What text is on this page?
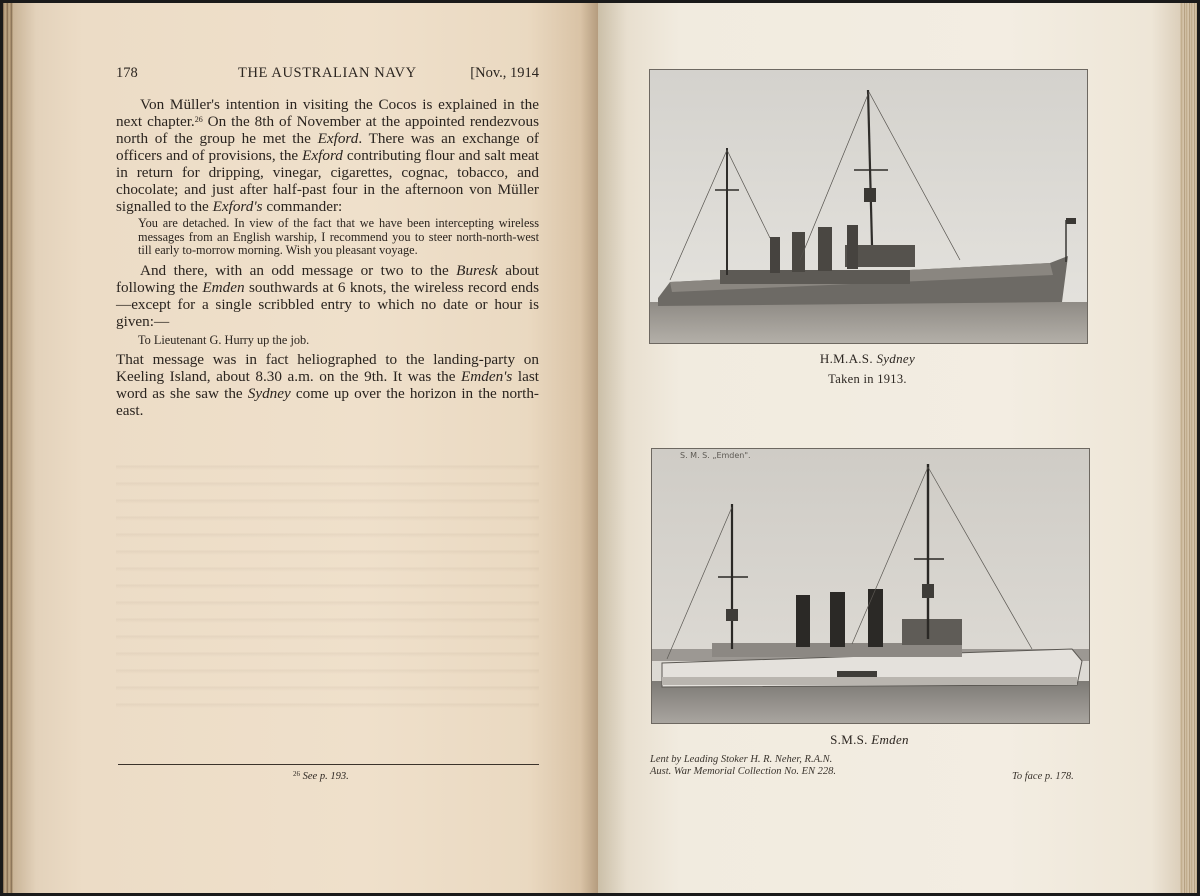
178	THE AUSTRALIAN NAVY	[Nov., 1914

Von Müller's intention in visiting the Cocos is explained in the next chapter.$^{26}$ On the 8th of November at the appointed rendezvous north of the group he met the Exford. There was an exchange of officers and of provisions, the Exford contributing flour and salt meat in return for dripping, vinegar, cigarettes, cognac, tobacco, and chocolate; and just after half-past four in the afternoon von Müller signalled to the Exford's commander:

You are detached. In view of the fact that we have been intercepting wireless messages from an English warship, I recommend you to steer north-north-west till early to-morrow morning. Wish you pleasant voyage.

And there, with an odd message or two to the Buresk about following the Emden southwards at 6 knots, the wireless record ends—except for a single scribbled entry to which no date or hour is given:—

To Lieutenant G. Hurry up the job.

That message was in fact heliographed to the landing-party on Keeling Island, about 8.30 a.m. on the 9th. It was the Emden's last word as she saw the Sydney come up over the horizon in the north-east.

$^{26}$ See p. 193.
H.M.A.S. Sydney
Taken in 1913.
S. M. S. „Emden".
S.M.S. Emden
Lent by Leading Stoker H. R. Neher, R.A.N.
Aust. War Memorial Collection No. EN 228.	To face p. 178.
